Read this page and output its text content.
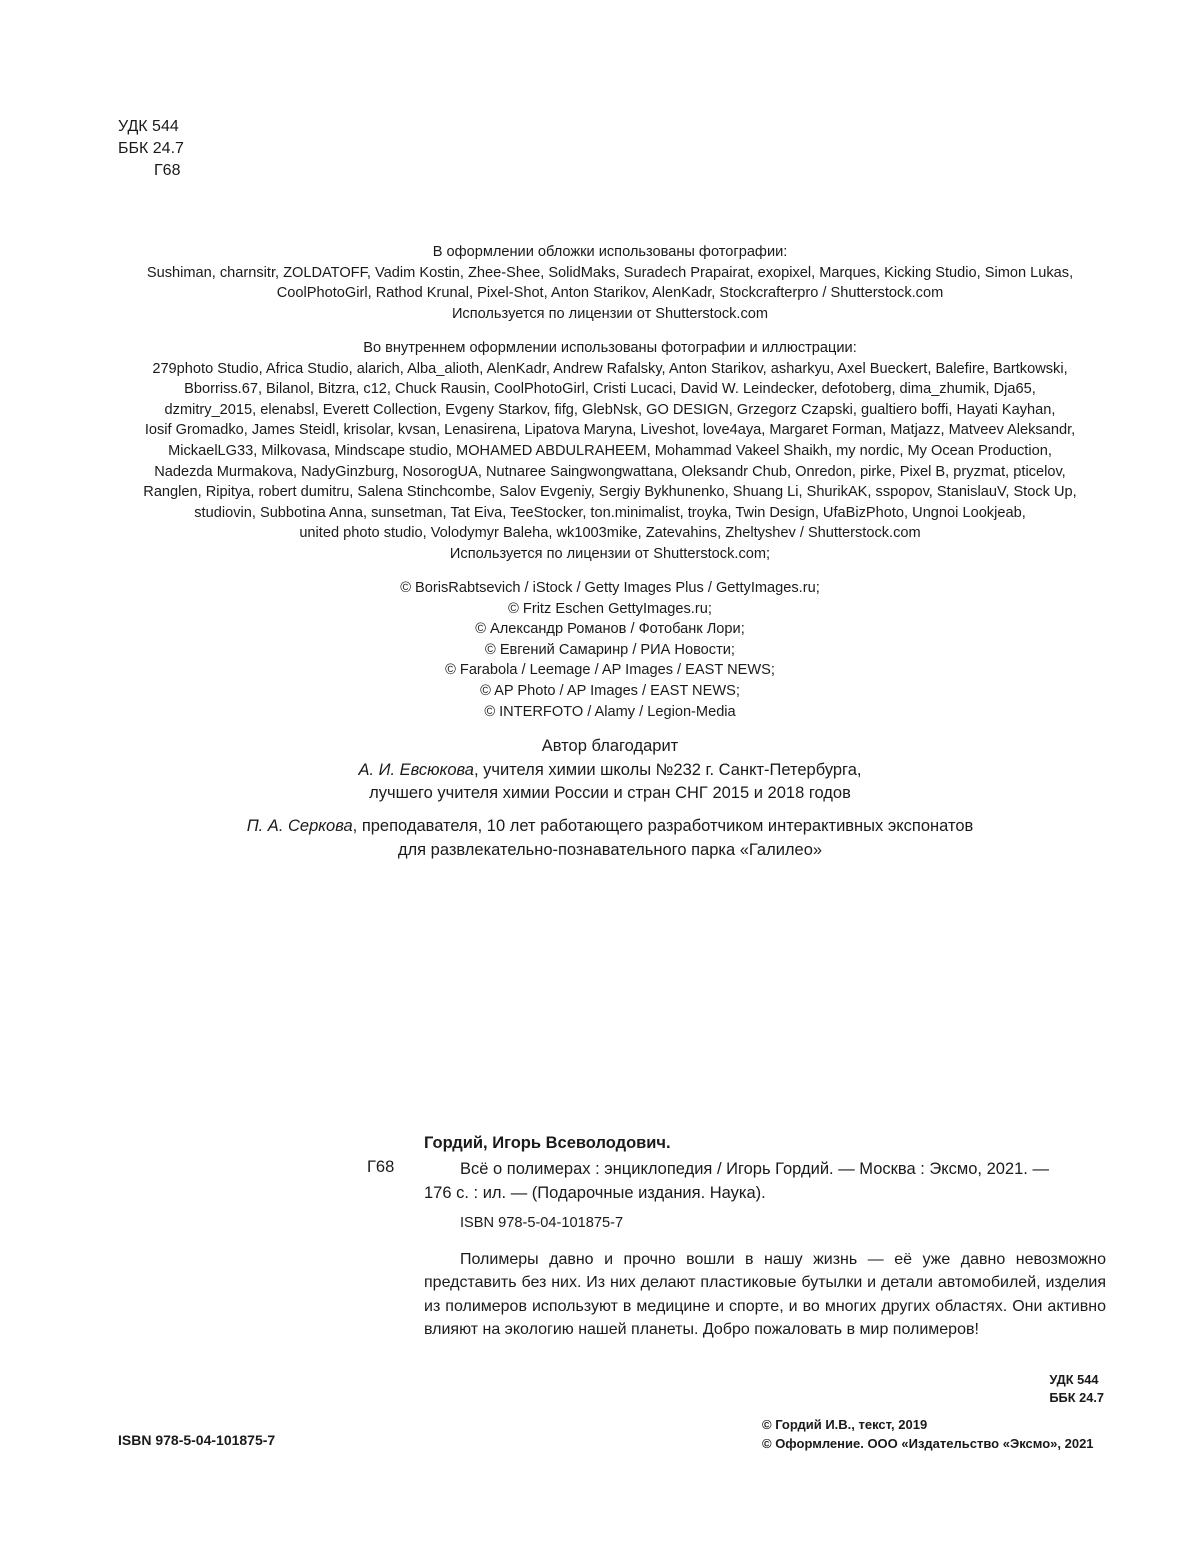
УДК 544
ББК 24.7
Г68

В оформлении обложки использованы фотографии:

Sushiman, charnsitr, ZOLDATOFF, Vadim Kostin, Zhee-Shee, SolidMaks, Suradech Prapairat, exopixel, Marques, Kicking Studio, Simon Lukas,

CoolPhotoGirl, Rathod Krunal, Pixel-Shot, Anton Starikov, AlenKadr, Stockcrafterpro / Shutterstock.com

Используется по лицензии от Shutterstock.com

Во внутреннем оформлении использованы фотографии и иллюстрации:

279photo Studio, Africa Studio, alarich, Alba_alioth, AlenKadr, Andrew Rafalsky, Anton Starikov, asharkyu, Axel Bueckert, Balefire, Bartkowski,

Bborriss.67, Bilanol, Bitzra, c12, Chuck Rausin, CoolPhotoGirl, Cristi Lucaci, David W. Leindecker, defotoberg, dima_zhumik, Dja65,

dzmitry_2015, elenabsl, Everett Collection, Evgeny Starkov, fifg, GlebNsk, GO DESIGN, Grzegorz Czapski, gualtiero boffi, Hayati Kayhan,

Iosif Gromadko, James Steidl, krisolar, kvsan, Lenasirena, Lipatova Maryna, Liveshot, love4aya, Margaret Forman, Matjazz, Matveev Aleksandr,

MickaelLG33, Milkovasa, Mindscape studio, MOHAMED ABDULRAHEEM, Mohammad Vakeel Shaikh, my nordic, My Ocean Production,

Nadezda Murmakova, NadyGinzburg, NosorogUA, Nutnaree Saingwongwattana, Oleksandr Chub, Onredon, pirke, Pixel B, pryzmat, pticelov,

Ranglen, Ripitya, robert dumitru, Salena Stinchcombe, Salov Evgeniy, Sergiy Bykhunenko, Shuang Li, ShurikAK, sspopov, StanislauV, Stock Up,

studiovin, Subbotina Anna, sunsetman, Tat Eiva, TeeStocker, ton.minimalist, troyka, Twin Design, UfaBizPhoto, Ungnoi Lookjeab,

united photo studio, Volodymyr Baleha, wk1003mike, Zatevahins, Zheltyshev / Shutterstock.com

Используется по лицензии от Shutterstock.com;

© BorisRabtsevich / iStock / Getty Images Plus / GettyImages.ru;

© Fritz Eschen GettyImages.ru;

© Александр Романов / Фотобанк Лори;

© Евгений Самаринр / РИА Новости;

© Farabola / Leemage / AP Images / EAST NEWS;

© AP Photo / AP Images / EAST NEWS;

© INTERFOTO / Alamy / Legion-Media

Автор благодарит

А. И. Евсюкова, учителя химии школы №232 г. Санкт-Петербурга,

лучшего учителя химии России и стран СНГ 2015 и 2018 годов

П. А. Серкова, преподавателя, 10 лет работающего разработчиком интерактивных экспонатов

для развлекательно-познавательного парка «Галилео»

Гордий, Игорь Всеволодович.
Г68	Всё о полимерах : энциклопедия / Игорь Гордий. — Москва : Эксмо, 2021. —
176 с. : ил. — (Подарочные издания. Наука).
ISBN 978-5-04-101875-7
Полимеры давно и прочно вошли в нашу жизнь — её уже давно невозможно представить без них. Из них делают пластиковые бутылки и детали автомобилей, изделия из полимеров используют в медицине и спорте, и во многих других областях. Они активно влияют на экологию нашей планеты. Добро пожаловать в мир полимеров!
УДК 544
ББК 24.7
ISBN 978-5-04-101875-7
© Гордий И.В., текст, 2019
© Оформление. ООО «Издательство «Эксмо», 2021
